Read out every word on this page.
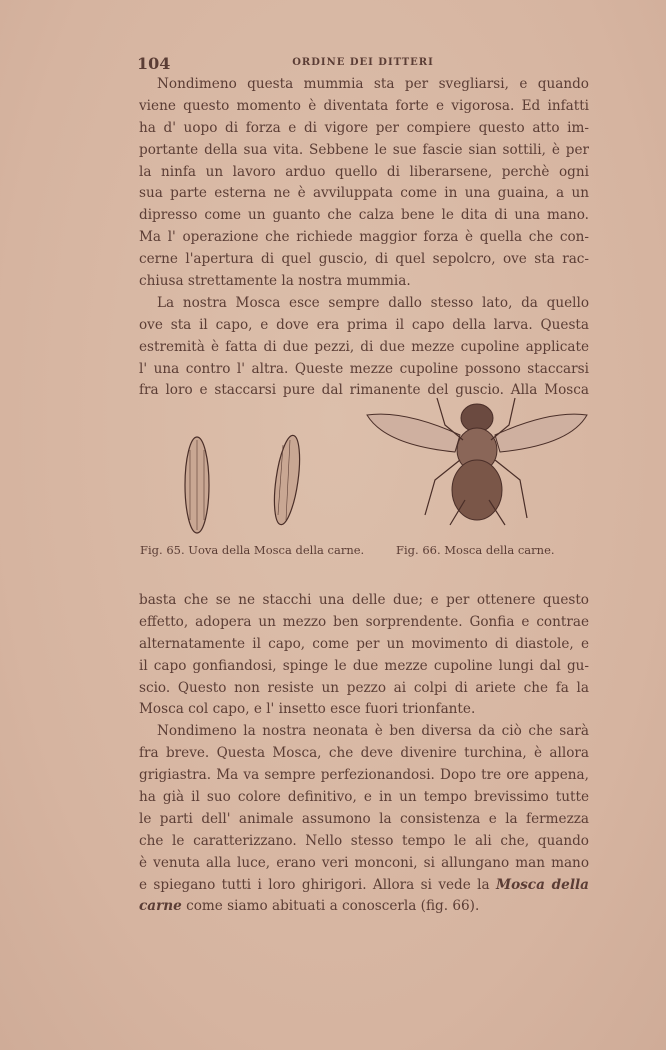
104	ORDINE DEI DITTERI
Nondimeno questa mummia sta per svegliarsi, e quando
viene questo momento è diventata forte e vigorosa. Ed infatti
ha d' uopo di forza e di vigore per compiere questo atto im-
portante della sua vita. Sebbene le sue fascie sian sottili, è per
la ninfa un lavoro arduo quello di liberarsene, perchè ogni
sua parte esterna ne è avviluppata come in una guaina, a un
dipresso come un guanto che calza bene le dita di una mano.
Ma l' operazione che richiede maggior forza è quella che con-
cerne l'apertura di quel guscio, di quel sepolcro, ove sta rac-
chiusa strettamente la nostra mummia.
La nostra Mosca esce sempre dallo stesso lato, da quello
ove sta il capo, e dove era prima il capo della larva. Questa
estremità è fatta di due pezzi, di due mezze cupoline applicate
l' una contro l' altra. Queste mezze cupoline possono staccarsi
fra loro e staccarsi pure dal rimanente del guscio. Alla Mosca
Fig. 65. Uova della Mosca della carne.	Fig. 66. Mosca della carne.
basta che se ne stacchi una delle due; e per ottenere questo
effetto, adopera un mezzo ben sorprendente. Gonfia e contrae
alternatamente il capo, come per un movimento di diastole, e
il capo gonfiandosi, spinge le due mezze cupoline lungi dal gu-
scio. Questo non resiste un pezzo ai colpi di ariete che fa la
Mosca col capo, e l' insetto esce fuori trionfante.
Nondimeno la nostra neonata è ben diversa da ciò che sarà
fra breve. Questa Mosca, che deve divenire turchina, è allora
grigiastra. Ma va sempre perfezionandosi. Dopo tre ore appena,
ha già il suo colore definitivo, e in un tempo brevissimo tutte
le parti dell' animale assumono la consistenza e la fermezza
che le caratterizzano. Nello stesso tempo le ali che, quando
è venuta alla luce, erano veri monconi, si allungano man mano
e spiegano tutti i loro ghirigori. Allora si vede la Mosca della
carne come siamo abituati a conoscerla (fig. 66).
